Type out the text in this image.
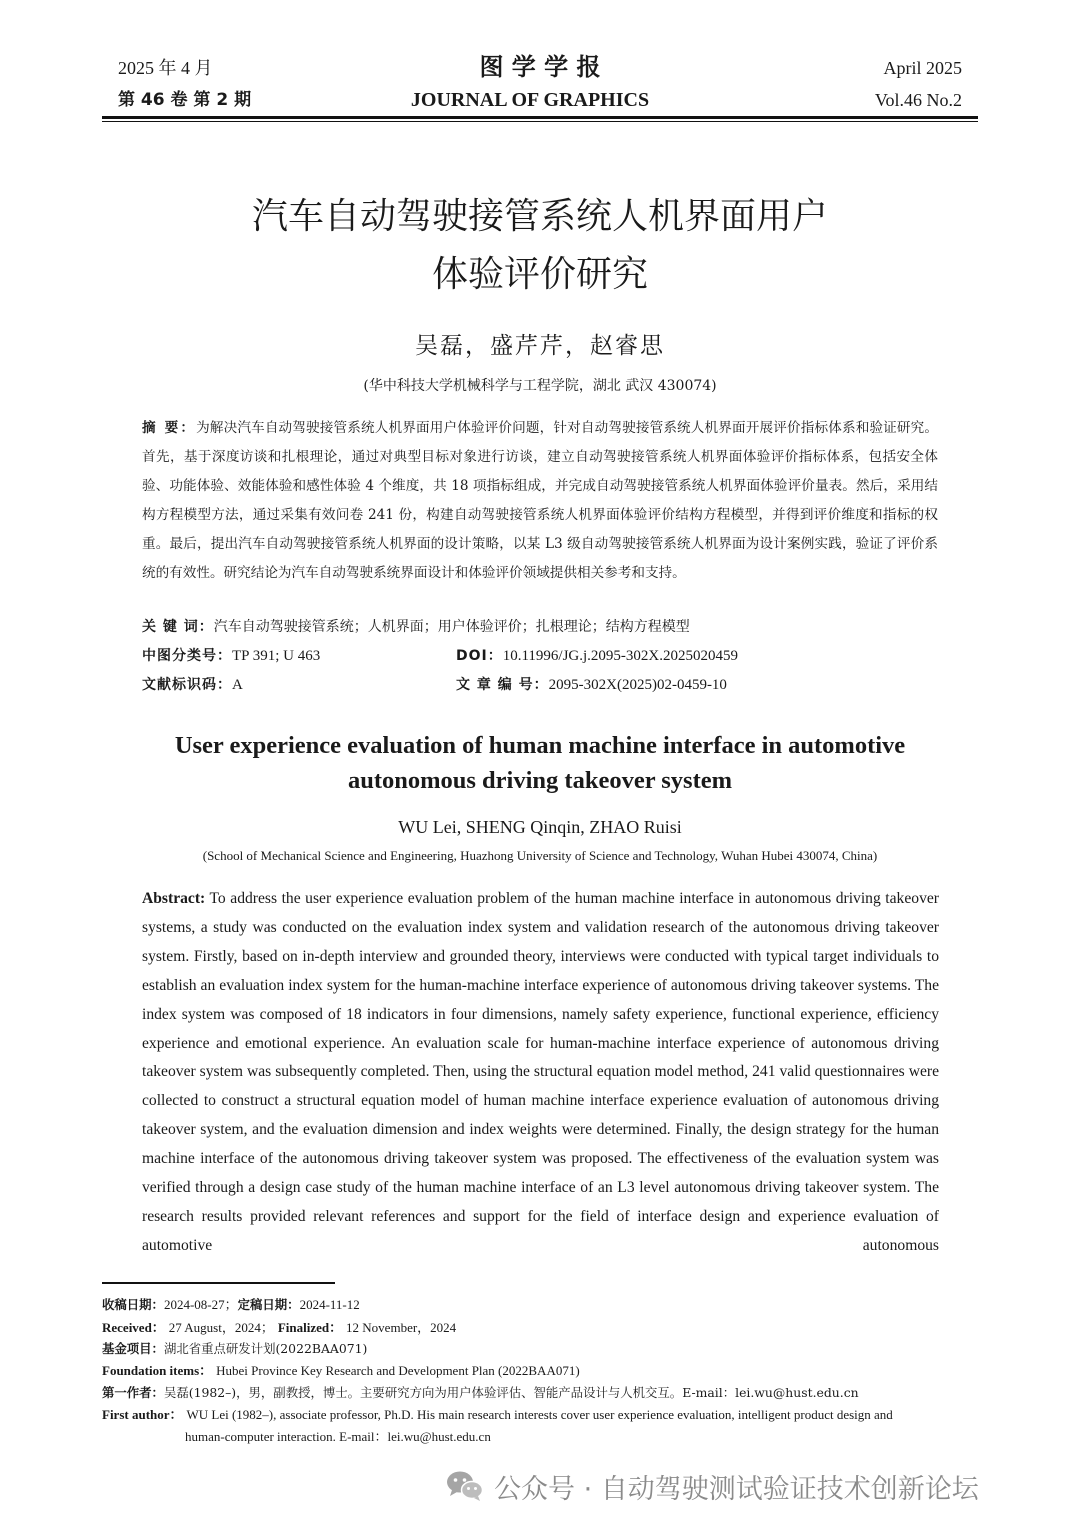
2025 年 4 月
第 46 卷 第 2 期
图 学 学 报
JOURNAL OF GRAPHICS
April 2025
Vol.46 No.2
汽车自动驾驶接管系统人机界面用户
体验评价研究
吴磊，盛芹芹，赵睿思
(华中科技大学机械科学与工程学院，湖北 武汉 430074)
摘 要：为解决汽车自动驾驶接管系统人机界面用户体验评价问题，针对自动驾驶接管系统人机界面开展评价指标体系和验证研究。首先，基于深度访谈和扎根理论，通过对典型目标对象进行访谈，建立自动驾驶接管系统人机界面体验评价指标体系，包括安全体验、功能体验、效能体验和感性体验 4 个维度，共 18 项指标组成，并完成自动驾驶接管系统人机界面体验评价量表。然后，采用结构方程模型方法，通过采集有效问卷 241 份，构建自动驾驶接管系统人机界面体验评价结构方程模型，并得到评价维度和指标的权重。最后，提出汽车自动驾驶接管系统人机界面的设计策略，以某 L3 级自动驾驶接管系统人机界面为设计案例实践，验证了评价系统的有效性。研究结论为汽车自动驾驶系统界面设计和体验评价领域提供相关参考和支持。
关 键 词：汽车自动驾驶接管系统；人机界面；用户体验评价；扎根理论；结构方程模型
中图分类号：TP 391; U 463	DOI：10.11996/JG.j.2095-302X.2025020459
文献标识码：A	文 章 编 号：2095-302X(2025)02-0459-10
User experience evaluation of human machine interface in automotive
autonomous driving takeover system
WU Lei, SHENG Qinqin, ZHAO Ruisi
(School of Mechanical Science and Engineering, Huazhong University of Science and Technology, Wuhan Hubei 430074, China)
Abstract: To address the user experience evaluation problem of the human machine interface in autonomous driving takeover systems, a study was conducted on the evaluation index system and validation research of the autonomous driving takeover system. Firstly, based on in-depth interview and grounded theory, interviews were conducted with typical target individuals to establish an evaluation index system for the human-machine interface experience of autonomous driving takeover systems. The index system was composed of 18 indicators in four dimensions, namely safety experience, functional experience, efficiency experience and emotional experience. An evaluation scale for human-machine interface experience of autonomous driving takeover system was subsequently completed. Then, using the structural equation model method, 241 valid questionnaires were collected to construct a structural equation model of human machine interface experience evaluation of autonomous driving takeover system, and the evaluation dimension and index weights were determined. Finally, the design strategy for the human machine interface of the autonomous driving takeover system was proposed. The effectiveness of the evaluation system was verified through a design case study of the human machine interface of an L3 level autonomous driving takeover system. The research results provided relevant references and support for the field of interface design and experience evaluation of automotive autonomous
收稿日期：2024-08-27；定稿日期：2024-11-12
Received： 27 August，2024； Finalized： 12 November，2024
基金项目：湖北省重点研发计划(2022BAA071)
Foundation items： Hubei Province Key Research and Development Plan (2022BAA071)
第一作者：吴磊(1982–)，男，副教授，博士。主要研究方向为用户体验评估、智能产品设计与人机交互。E-mail：lei.wu@hust.edu.cn
First author： WU Lei (1982–), associate professor, Ph.D. His main research interests cover user experience evaluation, intelligent product design and
human-computer interaction. E-mail：lei.wu@hust.edu.cn
公众号 · 自动驾驶测试验证技术创新论坛
